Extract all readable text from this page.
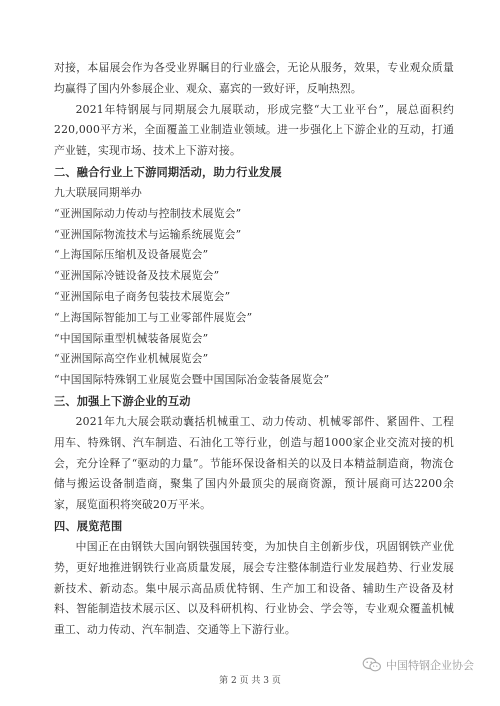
对接，本届展会作为各受业界瞩目的行业盛会，无论从服务，效果，专业观众质量均赢得了国内外参展企业、观众、嘉宾的一致好评，反响热烈。

2021年特钢展与同期展会九展联动，形成完整“大工业平台”，展总面积约220,000平方米，全面覆盖工业制造业领域。进一步强化上下游企业的互动，打通产业链，实现市场、技术上下游对接。

二、融合行业上下游同期活动，助力行业发展

九大联展同期举办

“亚洲国际动力传动与控制技术展览会”

“亚洲国际物流技术与运输系统展览会”

“上海国际压缩机及设备展览会”

“亚洲国际冷链设备及技术展览会”

“亚洲国际电子商务包装技术展览会”

“上海国际智能加工与工业零部件展览会”

“中国国际重型机械装备展览会”

“亚洲国际高空作业机械展览会”

“中国国际特殊钢工业展览会暨中国国际冶金装备展览会”

三、加强上下游企业的互动

2021年九大展会联动囊括机械重工、动力传动、机械零部件、紧固件、工程用车、特殊钢、汽车制造、石油化工等行业，创造与超1000家企业交流对接的机会，充分诠释了“驱动的力量”。节能环保设备相关的以及日本精益制造商，物流仓储与搬运设备制造商，聚集了国内外最顶尖的展商资源，预计展商可达2200余家，展览面积将突破20万平米。

四、展览范围

中国正在由钢铁大国向钢铁强国转变，为加快自主创新步伐，巩固钢铁产业优势，更好地推进钢铁行业高质量发展，展会专注整体制造行业发展趋势、行业发展新技术、新动态。集中展示高品质优特钢、生产加工和设备、辅助生产设备及材料、智能制造技术展示区、以及科研机构、行业协会、学会等，专业观众覆盖机械重工、动力传动、汽车制造、交通等上下游行业。

中国特钢企业协会
第 2 页 共 3 页
